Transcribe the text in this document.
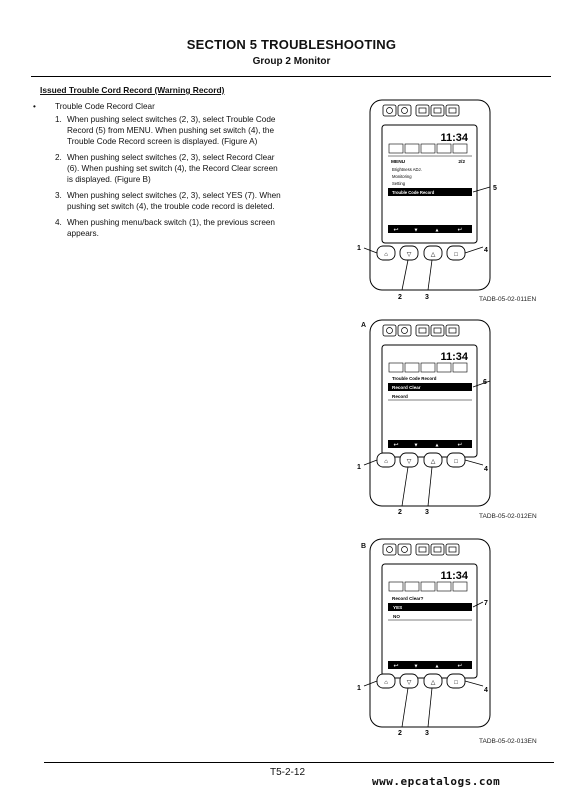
SECTION 5 TROUBLESHOOTING
Group 2 Monitor
Issued Trouble Cord Record (Warning Record)
• Trouble Code Record Clear
1. When pushing select switches (2, 3), select Trouble Code Record (5) from MENU. When pushing set switch (4), the Trouble Code Record screen is displayed. (Figure A)
2. When pushing select switches (2, 3), select Record Clear (6). When pushing set switch (4), the Record Clear screen is displayed. (Figure B)
3. When pushing select switches (2, 3), select YES (7). When pushing set switch (4), the trouble code record is deleted.
4. When pushing menu/back switch (1), the previous screen appears.
11:34
MENU	2/2
Brightness ADJ.
Monitoring
Setting
Trouble Code Record
↩	▼	▲	↵
⌂	▽	△	□
5
1	4
2	3	TADB-05-02-011EN
A
11:34
Trouble Code Record
Record Clear
Record
↩	▼	▲	↵
⌂	▽	△	□
6
1	4
2	3
TADB-05-02-012EN
B
11:34
Record Clear?
YES
NO
↩	▼	▲	↵
⌂	▽	△	□
7
1	4
2	3
TADB-05-02-013EN
T5-2-12
www.epcatalogs.com
